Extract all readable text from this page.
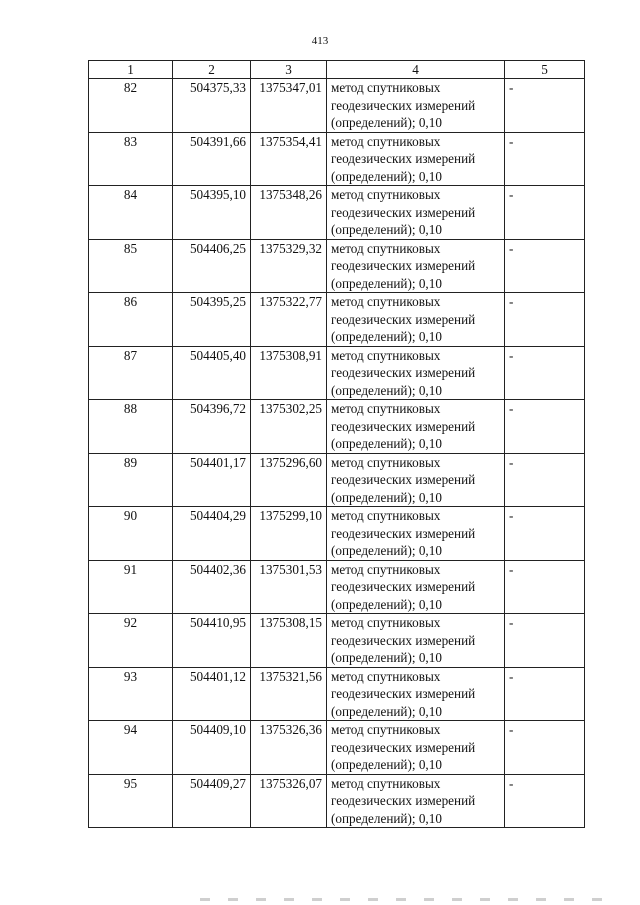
413
1	2	3	4	5

82	504375,33	1375347,01	метод спутниковых
геодезических измерений
(определений); 0,10	-

83	504391,66	1375354,41	метод спутниковых
геодезических измерений
(определений); 0,10	-

84	504395,10	1375348,26	метод спутниковых
геодезических измерений
(определений); 0,10	-

85	504406,25	1375329,32	метод спутниковых
геодезических измерений
(определений); 0,10	-

86	504395,25	1375322,77	метод спутниковых
геодезических измерений
(определений); 0,10	-

87	504405,40	1375308,91	метод спутниковых
геодезических измерений
(определений); 0,10	-

88	504396,72	1375302,25	метод спутниковых
геодезических измерений
(определений); 0,10	-

89	504401,17	1375296,60	метод спутниковых
геодезических измерений
(определений); 0,10	-

90	504404,29	1375299,10	метод спутниковых
геодезических измерений
(определений); 0,10	-

91	504402,36	1375301,53	метод спутниковых
геодезических измерений
(определений); 0,10	-

92	504410,95	1375308,15	метод спутниковых
геодезических измерений
(определений); 0,10	-

93	504401,12	1375321,56	метод спутниковых
геодезических измерений
(определений); 0,10	-

94	504409,10	1375326,36	метод спутниковых
геодезических измерений
(определений); 0,10	-

95	504409,27	1375326,07	метод спутниковых
геодезических измерений
(определений); 0,10	-
